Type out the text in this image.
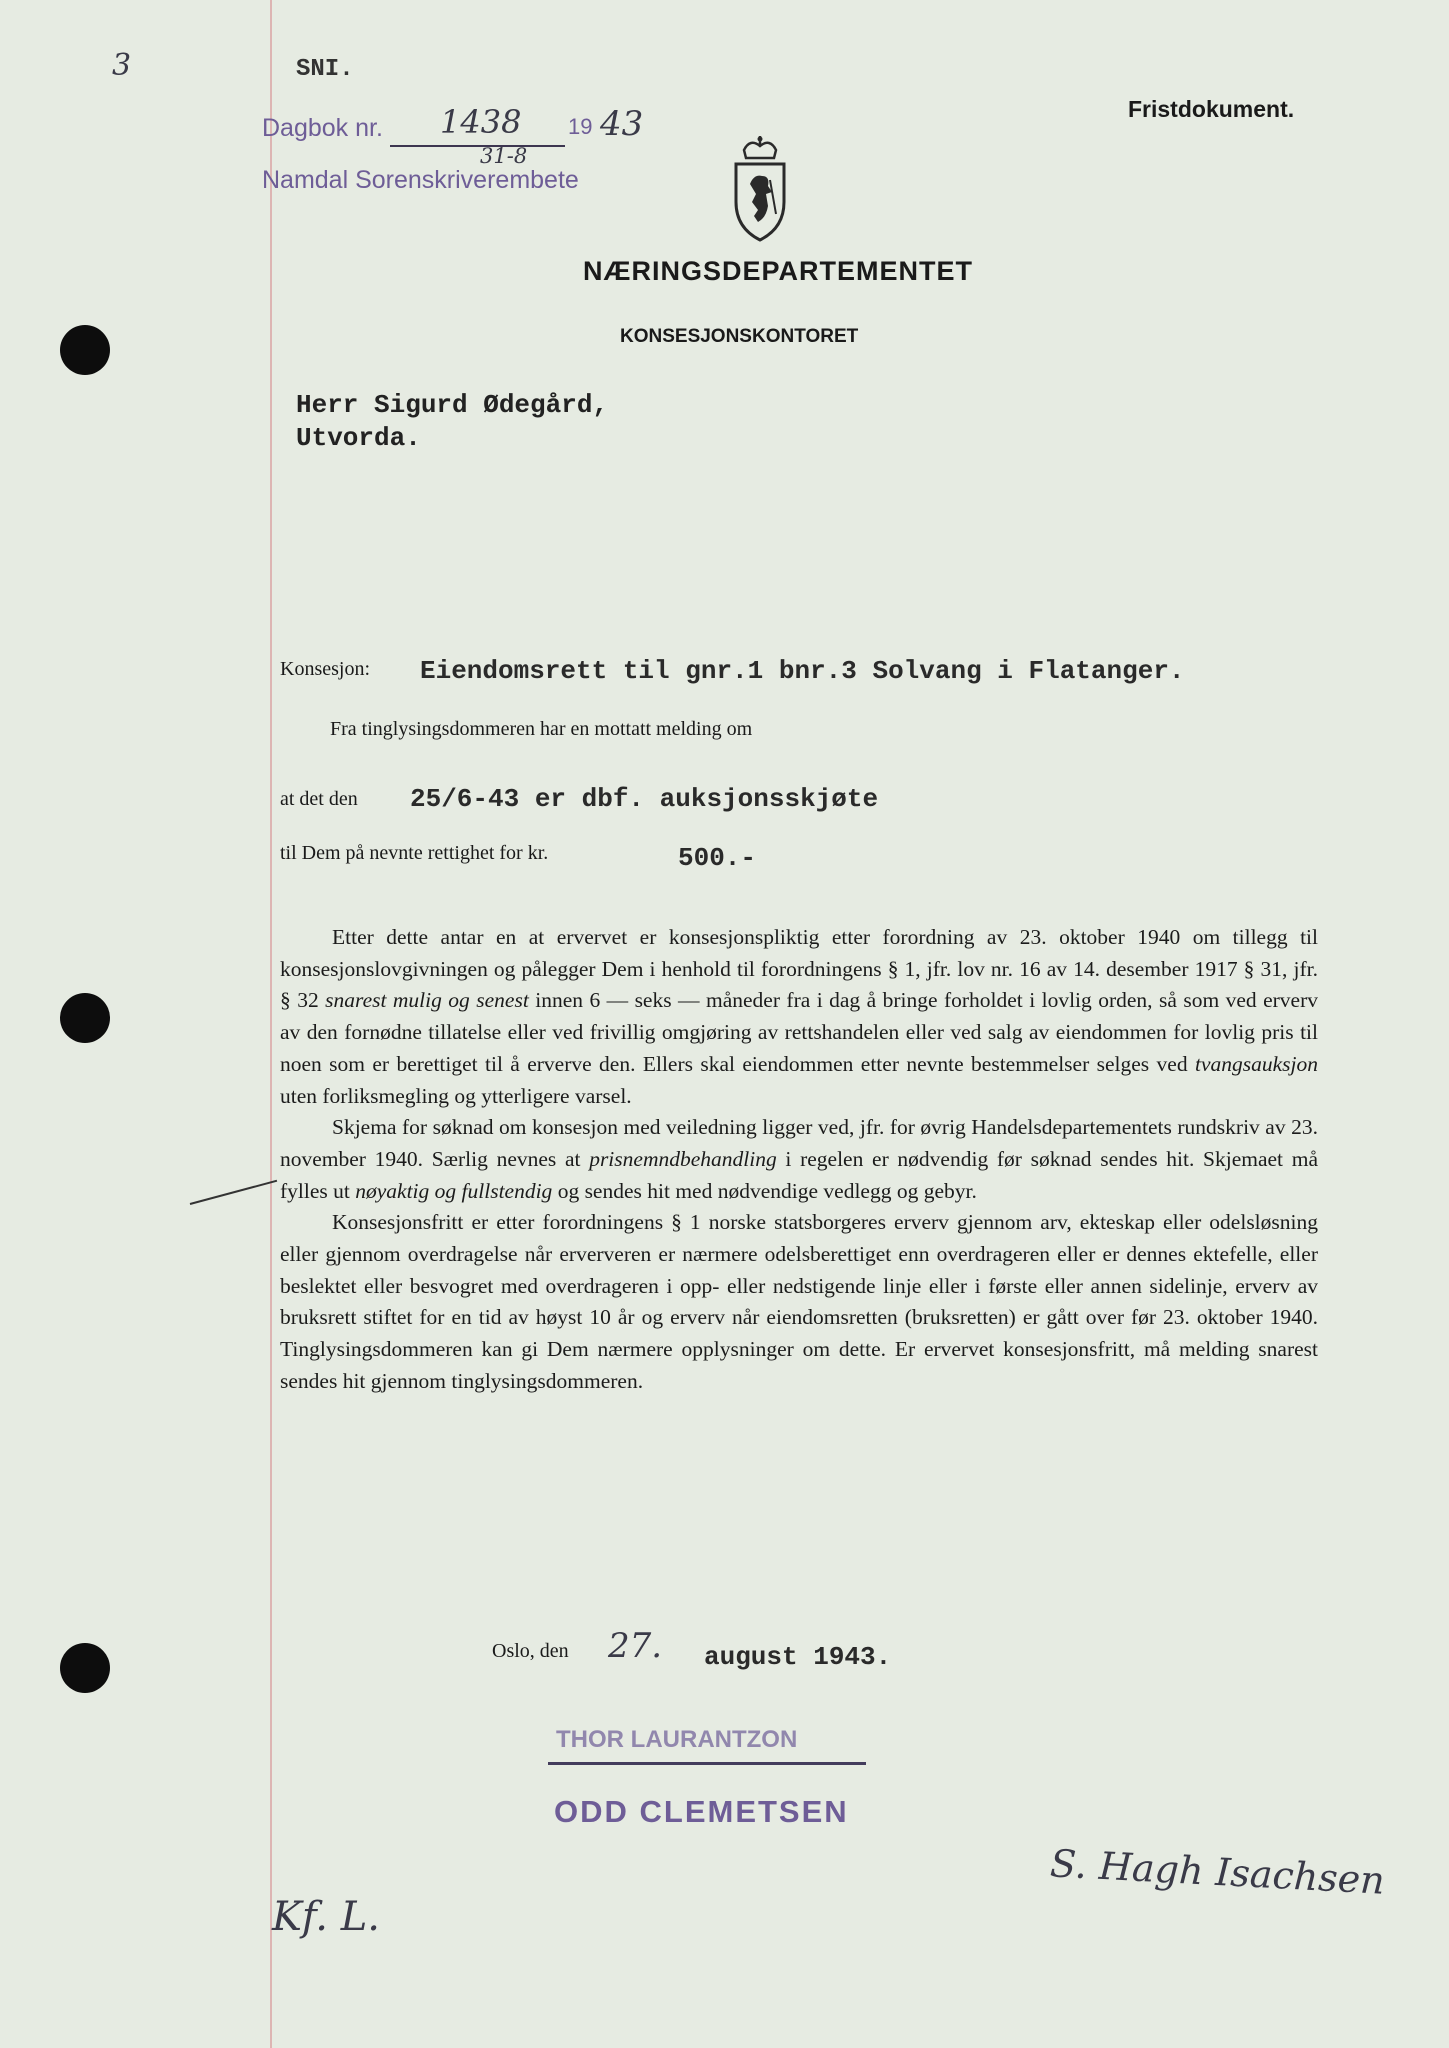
3	SNI.
Dagbok nr. 1438
31-8
19 43
Namdal Sorenskriverembete
Fristdokument.
NÆRINGSDEPARTEMENTET
KONSESJONSKONTORET
Herr Sigurd Ødegård,
Utvorda.
Konsesjon: Eiendomsrett til gnr.1 bnr.3 Solvang i Flatanger.
Fra tinglysingsdommeren har en mottatt melding om
at det den 25/6-43 er dbf. auksjonsskjøte
til Dem på nevnte rettighet for kr.	500.-

Etter dette antar en at ervervet er konsesjonspliktig etter forordning av 23. oktober 1940 om tillegg til konsesjonslovgivningen og pålegger Dem i henhold til forordningens § 1, jfr. lov nr. 16 av 14. desember 1917 § 31, jfr. § 32 snarest mulig og senest innen 6 — seks — måneder fra i dag å bringe forholdet i lovlig orden, så som ved erverv av den fornødne tillatelse eller ved frivillig omgjøring av rettshandelen eller ved salg av eiendommen for lovlig pris til noen som er berettiget til å erverve den. Ellers skal eiendommen etter nevnte bestemmelser selges ved tvangsauksjon uten forliksmegling og ytterligere varsel.

Skjema for søknad om konsesjon med veiledning ligger ved, jfr. for øvrig Handelsdepartementets rundskriv av 23. november 1940. Særlig nevnes at prisnemndbehandling i regelen er nødvendig før søknad sendes hit. Skjemaet må fylles ut nøyaktig og fullstendig og sendes hit med nødvendige vedlegg og gebyr.

Konsesjonsfritt er etter forordningens § 1 norske statsborgeres erverv gjennom arv, ekteskap eller odelsløsning eller gjennom overdragelse når erververen er nærmere odelsberettiget enn overdrageren eller er dennes ektefelle, eller beslektet eller besvogret med overdrageren i opp- eller nedstigende linje eller i første eller annen sidelinje, erverv av bruksrett stiftet for en tid av høyst 10 år og erverv når eiendomsretten (bruksretten) er gått over før 23. oktober 1940. Tinglysingsdommeren kan gi Dem nærmere opplysninger om dette. Er ervervet konsesjonsfritt, må melding snarest sendes hit gjennom tinglysingsdommeren.

Oslo, den 27. august 1943.
THOR LAURANTZON
ODD CLEMETSEN
S. Hagh Isachsen
Kf. L.
